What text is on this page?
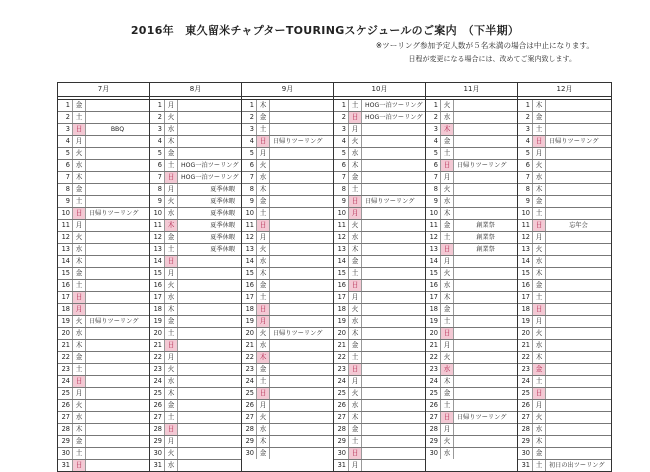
2016年　東久留米チャプターTOURINGスケジュールのご案内　（下半期）
※ツーリング参加予定人数が５名未満の場合は中止になります。
日程が変更になる場合には、改めてご案内致します。
7月
1 金
2 土
3 日	BBQ
4 月
5 火
6 水
7 木
8 金
9 土
10 日	日帰りツーリング
11 月
12 火
13 水
14 木
15 金
16 土
17 日
18 月
19 火	日帰りツーリング
20 水
21 木
22 金
23 土
24 日
25 月
26 火
27 水
28 木
29 金
30 土
31 日
8月
1 月
2 火
3 水
4 木
5 金
6 土	HOG一泊ツーリング
7 日	HOG一泊ツーリング
8 月	夏季休暇
9 火	夏季休暇
10 水	夏季休暇
11 木	夏季休暇
12 金	夏季休暇
13 土	夏季休暇
14 日
15 月
16 火
17 水
18 木
19 金
20 土
21 日
22 月
23 火
24 水
25 木
26 金
27 土
28 日
29 月
30 火
31 水
9月
1 木
2 金
3 土
4 日	日帰りツーリング
5 月
6 火
7 水
8 木
9 金
10 土
11 日
12 月
13 火
14 水
15 木
16 金
17 土
18 日
19 月
20 火	日帰りツーリング
21 水
22 木
23 金
24 土
25 日
26 月
27 火
28 水
29 木
30 金
10月
1 土	HOG一泊ツーリング
2 日	HOG一泊ツーリング
3 月
4 火
5 水
6 木
7 金
8 土
9 日	日帰りツーリング
10 月
11 火
12 水
13 木
14 金
15 土
16 日
17 月
18 火
19 水
20 木
21 金
22 土
23 日
24 月
25 火
26 水
27 木
28 金
29 土
30 日
31 月
11月
1 火
2 水
3 木
4 金
5 土
6 日	日帰りツーリング
7 月
8 火
9 水
10 木
11 金	創業祭
12 土	創業祭
13 日	創業祭
14 月
15 火
16 水
17 木
18 金
19 土
20 日
21 月
22 火
23 水
24 木
25 金
26 土
27 日	日帰りツーリング
28 月
29 火
30 水
12月
1 木
2 金
3 土
4 日	日帰りツーリング
5 月
6 火
7 水
8 木
9 金
10 土
11 日	忘年会
12 月
13 火
14 水
15 木
16 金
17 土
18 日
19 月
20 火
21 水
22 木
23 金
24 土
25 日
26 月
27 火
28 水
29 木
30 金
31 土	初日の出ツーリング
